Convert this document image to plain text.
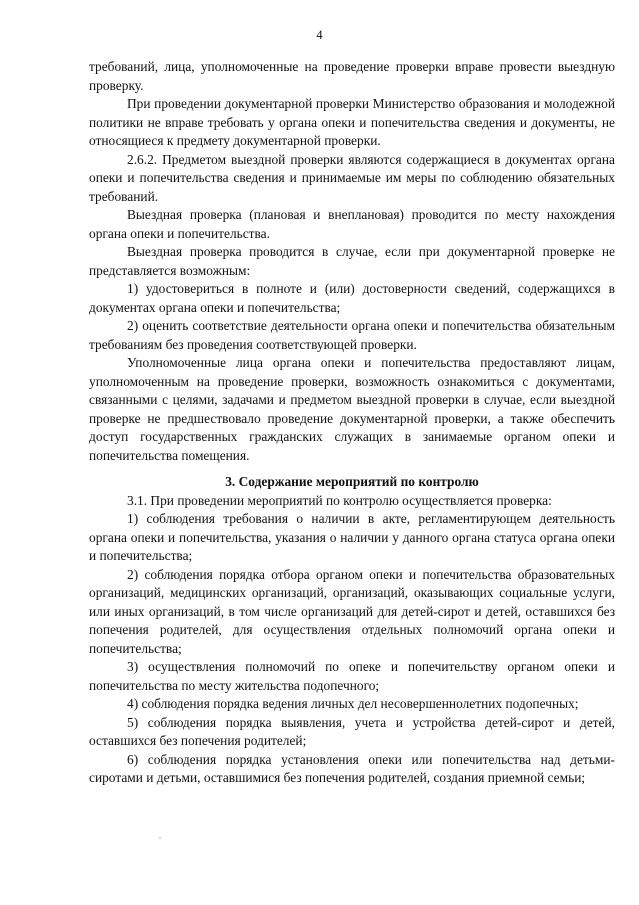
4

требований, лица, уполномоченные на проведение проверки вправе провести выездную проверку.

При проведении документарной проверки Министерство образования и молодежной политики не вправе требовать у органа опеки и попечительства сведения и документы, не относящиеся к предмету документарной проверки.

2.6.2. Предметом выездной проверки являются содержащиеся в документах органа опеки и попечительства сведения и принимаемые им меры по соблюдению обязательных требований.

Выездная проверка (плановая и внеплановая) проводится по месту нахождения органа опеки и попечительства.

Выездная проверка проводится в случае, если при документарной проверке не представляется возможным:

1) удостовериться в полноте и (или) достоверности сведений, содержащихся в документах органа опеки и попечительства;

2) оценить соответствие деятельности органа опеки и попечительства обязательным требованиям без проведения соответствующей проверки.

Уполномоченные лица органа опеки и попечительства предоставляют лицам, уполномоченным на проведение проверки, возможность ознакомиться с документами, связанными с целями, задачами и предметом выездной проверки в случае, если выездной проверке не предшествовало проведение документарной проверки, а также обеспечить доступ государственных гражданских служащих в занимаемые органом опеки и попечительства помещения.

3. Содержание мероприятий по контролю

3.1. При проведении мероприятий по контролю осуществляется проверка:

1) соблюдения требования о наличии в акте, регламентирующем деятельность органа опеки и попечительства, указания о наличии у данного органа статуса органа опеки и попечительства;

2) соблюдения порядка отбора органом опеки и попечительства образовательных организаций, медицинских организаций, организаций, оказывающих социальные услуги, или иных организаций, в том числе организаций для детей-сирот и детей, оставшихся без попечения родителей, для осуществления отдельных полномочий органа опеки и попечительства;

3) осуществления полномочий по опеке и попечительству органом опеки и попечительства по месту жительства подопечного;

4) соблюдения порядка ведения личных дел несовершеннолетних подопечных;

5) соблюдения порядка выявления, учета и устройства детей-сирот и детей, оставшихся без попечения родителей;

6) соблюдения порядка установления опеки или попечительства над детьми-сиротами и детьми, оставшимися без попечения родителей, создания приемной семьи;
